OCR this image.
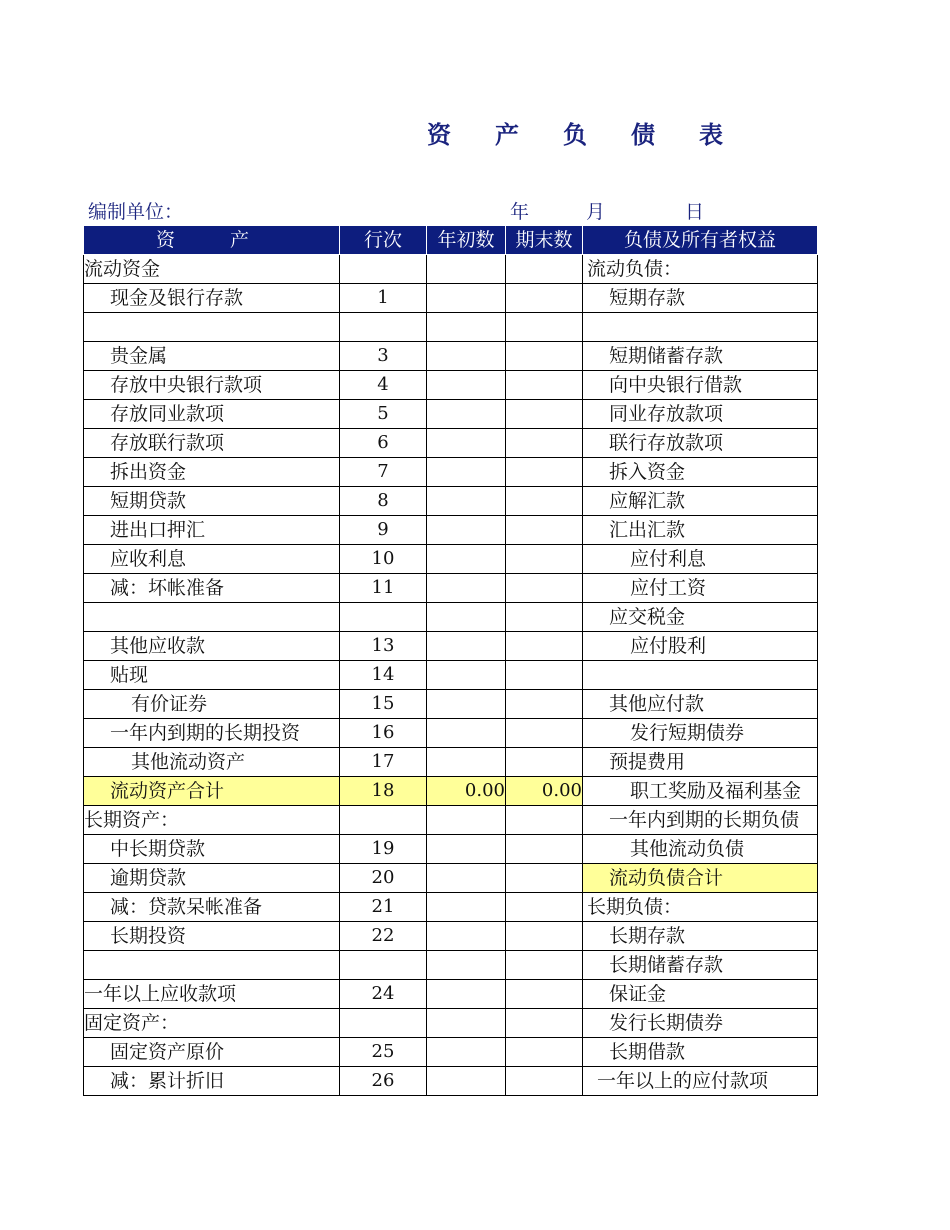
资 产 负 债 表
编制单位：	年	月	日
资　产	行次	年初数	期末数	负债及所有者权益
流动资金				流动负债：
现金及银行存款	1			短期存款

贵金属	3			短期储蓄存款
存放中央银行款项	4			向中央银行借款
存放同业款项	5			同业存放款项
存放联行款项	6			联行存放款项
拆出资金	7			拆入资金
短期贷款	8			应解汇款
进出口押汇	9			汇出汇款
应收利息	10			应付利息
减：坏帐准备	11			应付工资
				应交税金
其他应收款	13			应付股利
贴现	14			
有价证券	15			其他应付款
一年内到期的长期投资	16			发行短期债券
其他流动资产	17			预提费用
流动资产合计	18	0.00	0.00	职工奖励及福利基金
长期资产：				一年内到期的长期负债
中长期贷款	19			其他流动负债
逾期贷款	20			流动负债合计
减：贷款呆帐准备	21			长期负债：
长期投资	22			长期存款
				长期储蓄存款
一年以上应收款项	24			保证金
固定资产：				发行长期债券
固定资产原价	25			长期借款
减：累计折旧	26			一年以上的应付款项
